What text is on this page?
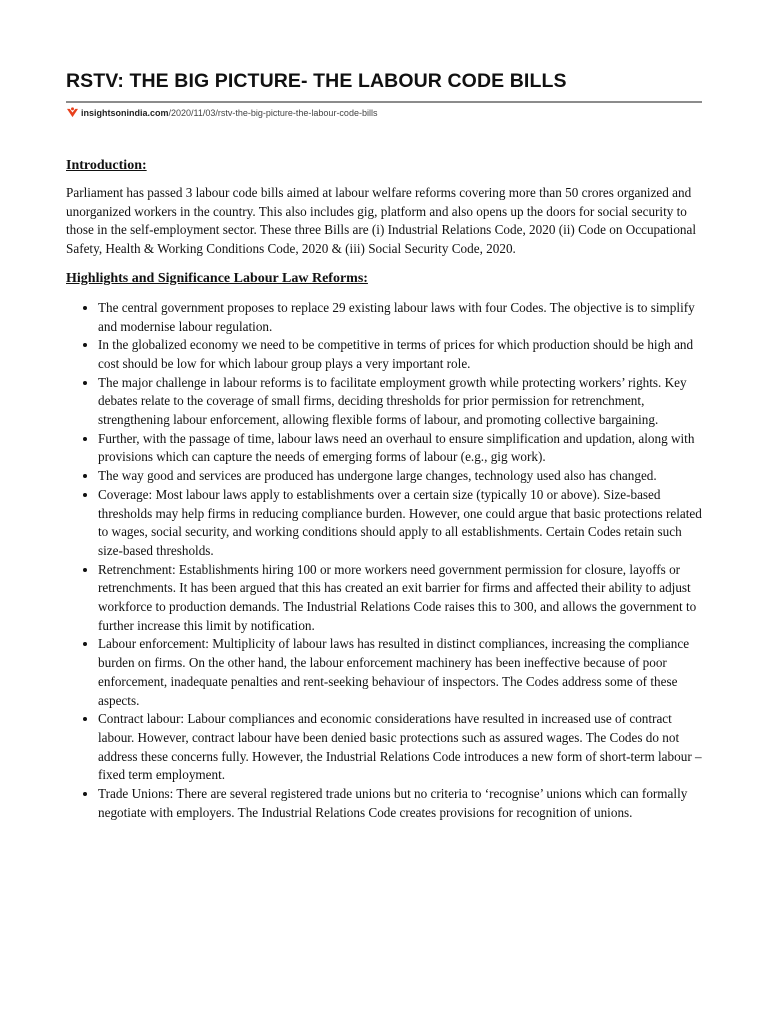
RSTV: THE BIG PICTURE- THE LABOUR CODE BILLS
insightsonindia.com /2020/11/03/rstv-the-big-picture-the-labour-code-bills
Introduction:

Parliament has passed 3 labour code bills aimed at labour welfare reforms covering more than 50 crores organized and unorganized workers in the country. This also includes gig, platform and also opens up the doors for social security to those in the self-employment sector. These three Bills are (i) Industrial Relations Code, 2020 (ii) Code on Occupational Safety, Health & Working Conditions Code, 2020 & (iii) Social Security Code, 2020.

Highlights and Significance Labour Law Reforms:
• The central government proposes to replace 29 existing labour laws with four Codes. The objective is to simplify and modernise labour regulation.
• In the globalized economy we need to be competitive in terms of prices for which production should be high and cost should be low for which labour group plays a very important role.
• The major challenge in labour reforms is to facilitate employment growth while protecting workers’ rights. Key debates relate to the coverage of small firms, deciding thresholds for prior permission for retrenchment, strengthening labour enforcement, allowing flexible forms of labour, and promoting collective bargaining.
• Further, with the passage of time, labour laws need an overhaul to ensure simplification and updation, along with provisions which can capture the needs of emerging forms of labour (e.g., gig work).
• The way good and services are produced has undergone large changes, technology used also has changed.
• Coverage: Most labour laws apply to establishments over a certain size (typically 10 or above). Size-based thresholds may help firms in reducing compliance burden. However, one could argue that basic protections related to wages, social security, and working conditions should apply to all establishments. Certain Codes retain such size-based thresholds.
• Retrenchment: Establishments hiring 100 or more workers need government permission for closure, layoffs or retrenchments. It has been argued that this has created an exit barrier for firms and affected their ability to adjust workforce to production demands. The Industrial Relations Code raises this to 300, and allows the government to further increase this limit by notification.
• Labour enforcement: Multiplicity of labour laws has resulted in distinct compliances, increasing the compliance burden on firms. On the other hand, the labour enforcement machinery has been ineffective because of poor enforcement, inadequate penalties and rent-seeking behaviour of inspectors. The Codes address some of these aspects.
• Contract labour: Labour compliances and economic considerations have resulted in increased use of contract labour. However, contract labour have been denied basic protections such as assured wages. The Codes do not address these concerns fully. However, the Industrial Relations Code introduces a new form of short-term labour – fixed term employment.
• Trade Unions: There are several registered trade unions but no criteria to ‘recognise’ unions which can formally negotiate with employers. The Industrial Relations Code creates provisions for recognition of unions.
